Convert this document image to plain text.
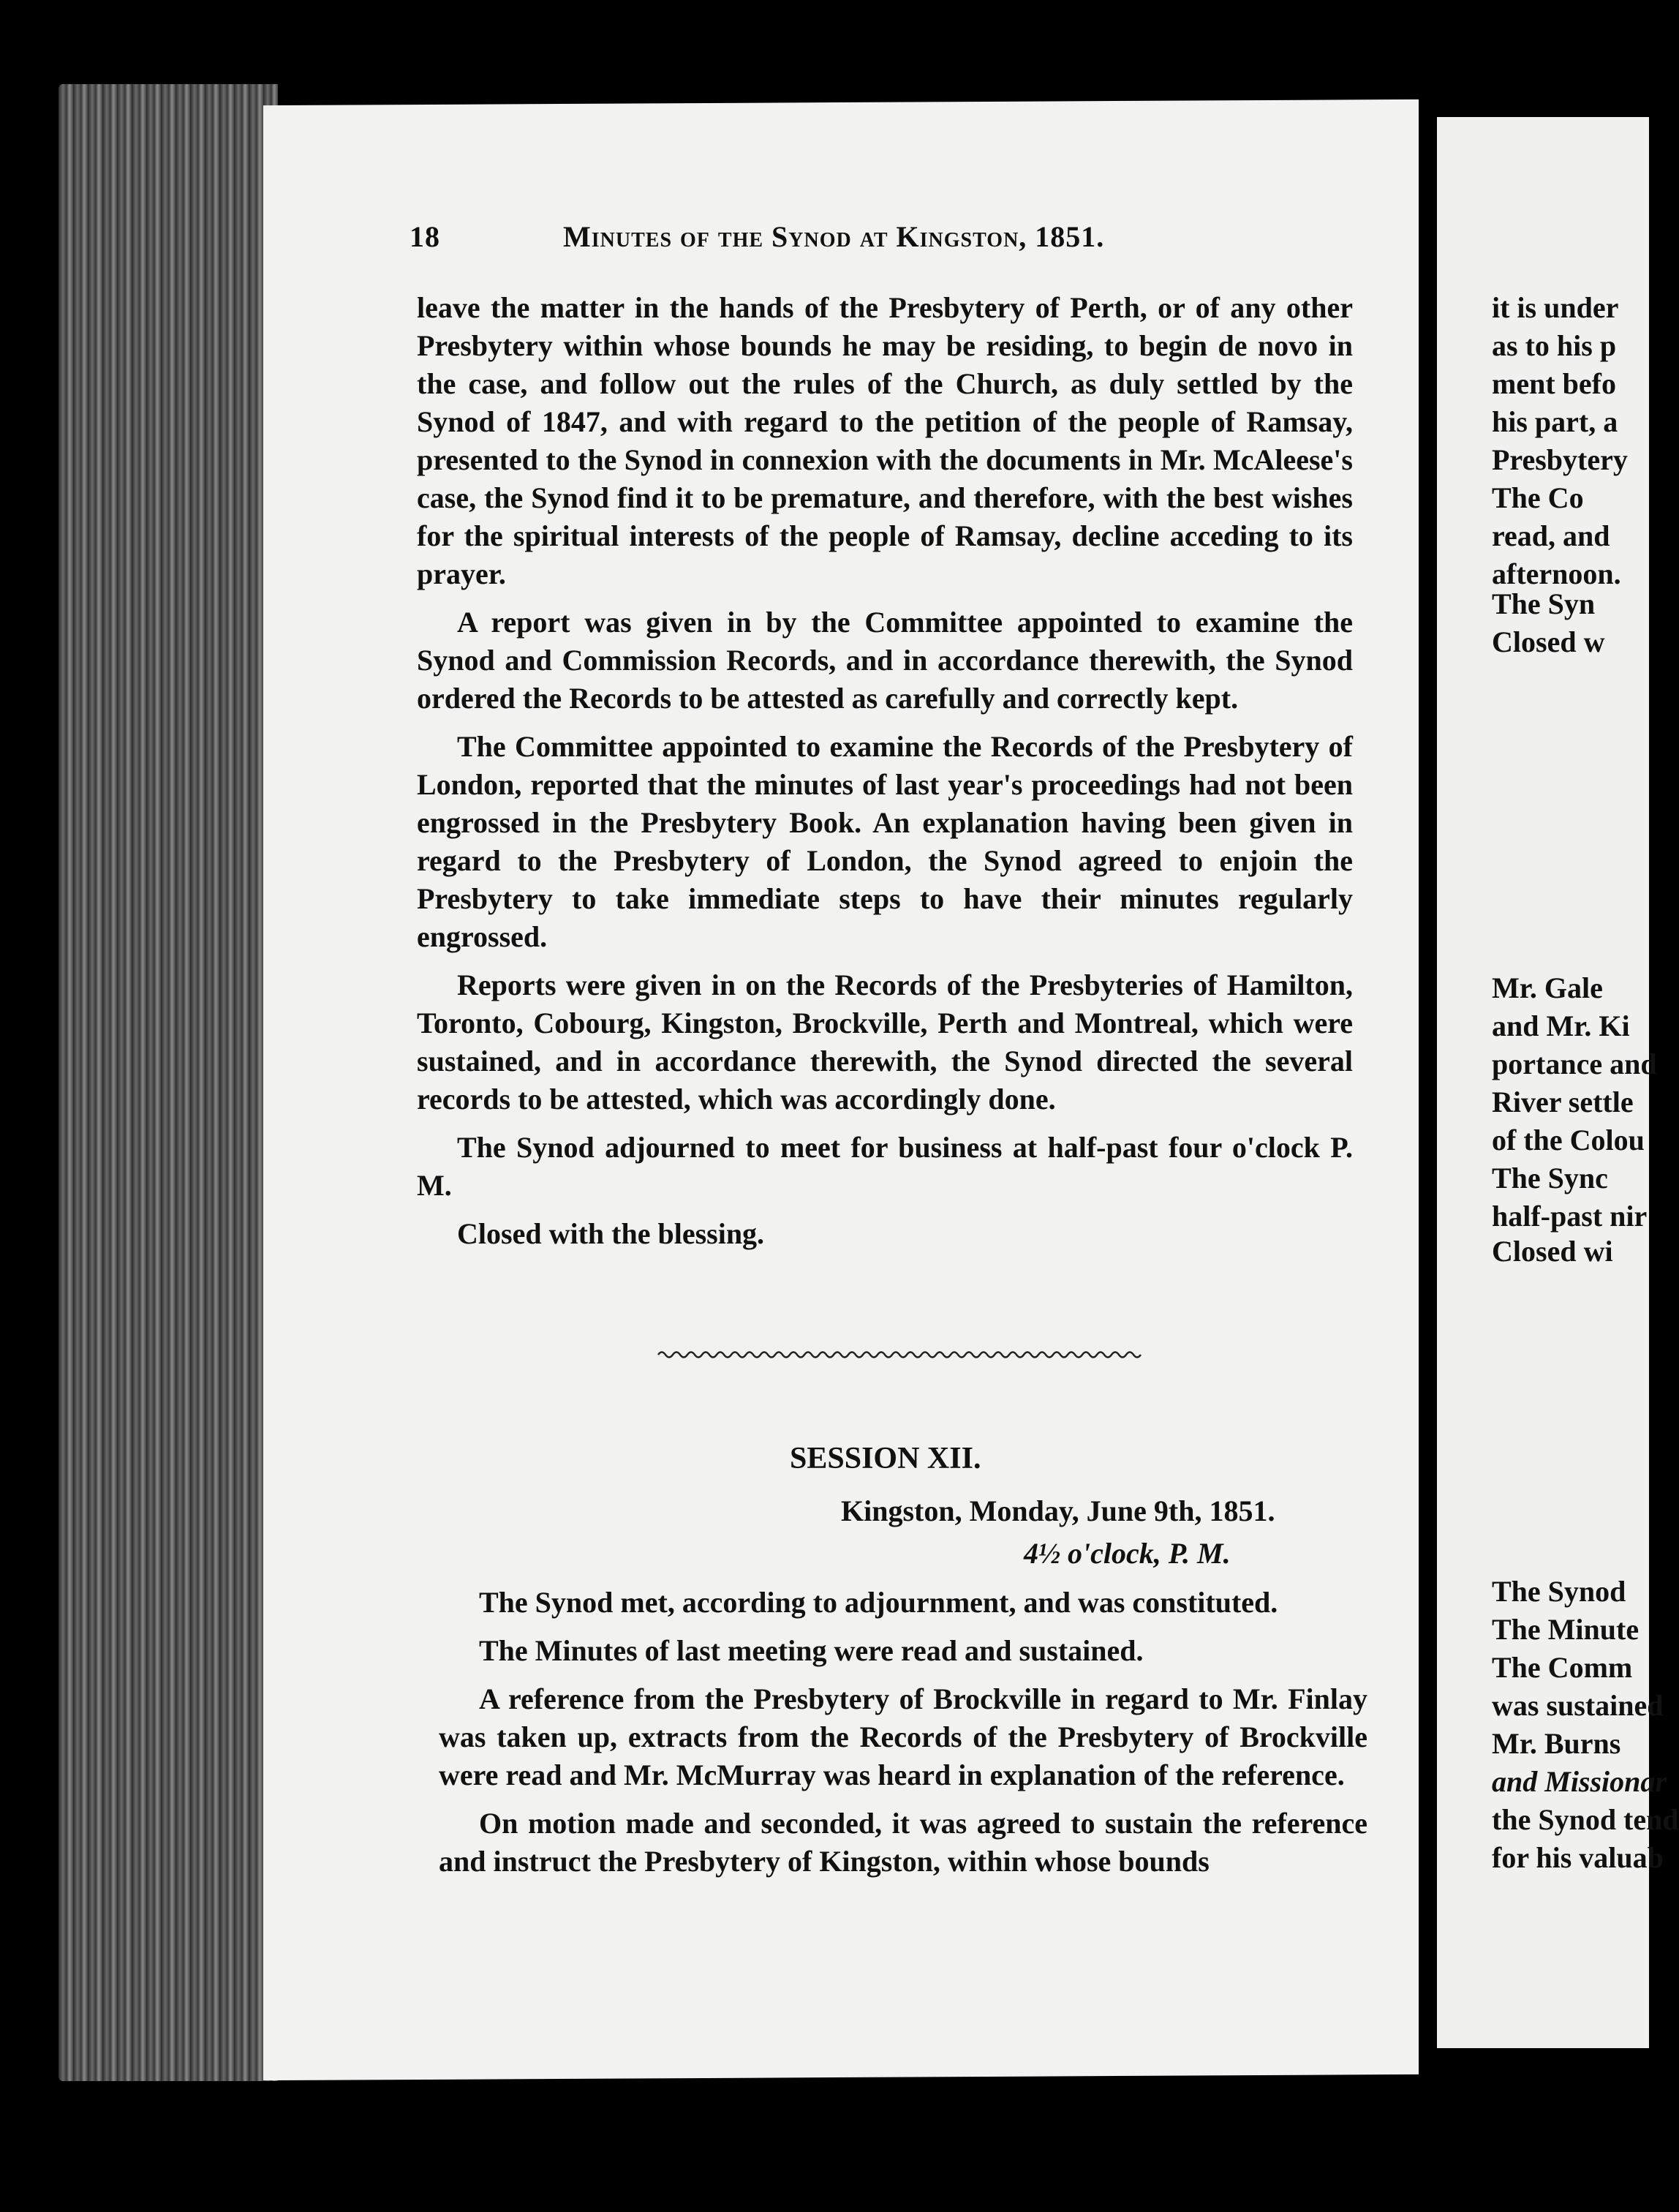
18	Minutes of the Synod at Kingston, 1851.

leave the matter in the hands of the Presbytery of Perth, or of any other Presbytery within whose bounds he may be residing, to begin de novo in the case, and follow out the rules of the Church, as duly settled by the Synod of 1847, and with regard to the petition of the people of Ramsay, presented to the Synod in connexion with the documents in Mr. McAleese's case, the Synod find it to be premature, and therefore, with the best wishes for the spiritual interests of the people of Ramsay, decline acceding to its prayer.

A report was given in by the Committee appointed to examine the Synod and Commission Records, and in accordance therewith, the Synod ordered the Records to be attested as carefully and correctly kept.

The Committee appointed to examine the Records of the Presbytery of London, reported that the minutes of last year's proceedings had not been engrossed in the Presbytery Book. An explanation having been given in regard to the Presbytery of London, the Synod agreed to enjoin the Presbytery to take immediate steps to have their minutes regularly engrossed.

Reports were given in on the Records of the Presbyteries of Hamilton, Toronto, Cobourg, Kingston, Brockville, Perth and Montreal, which were sustained, and in accordance therewith, the Synod directed the several records to be attested, which was accordingly done.

The Synod adjourned to meet for business at half-past four o'clock P. M.

Closed with the blessing.

SESSION XII.
Kingston, Monday, June 9th, 1851.
4½ o'clock, P. M.

The Synod met, according to adjournment, and was constituted.

The Minutes of last meeting were read and sustained.

A reference from the Presbytery of Brockville in regard to Mr. Finlay was taken up, extracts from the Records of the Presbytery of Brockville were read and Mr. McMurray was heard in explanation of the reference.

On motion made and seconded, it was agreed to sustain the reference and instruct the Presbytery of Kingston, within whose bounds

it is under
as to his p
ment befo
his part, a
Presbytery
The Co
read, and
afternoon.
The Syn
Closed w
Mr. Gale
and Mr. Ki
portance and
River settle
of the Colou
The Sync
half-past nir
Closed wi
The Synod
The Minute
The Comm
was sustained
Mr. Burns
and Missionar
the Synod tend
for his valuab
